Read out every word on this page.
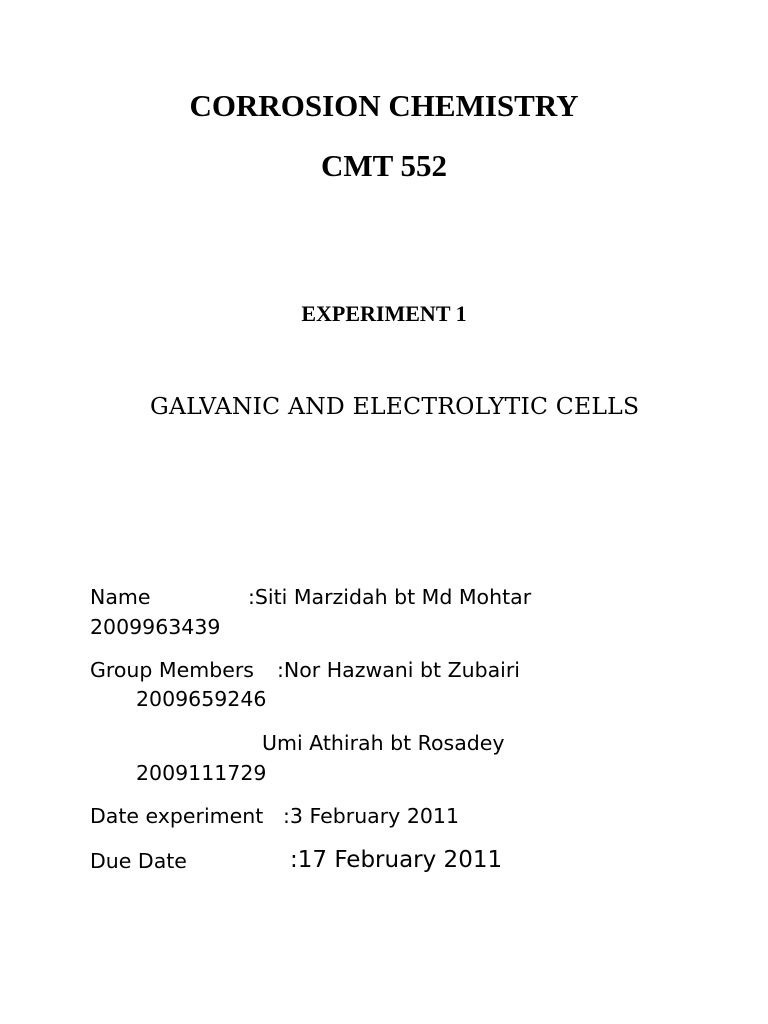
CORROSION CHEMISTRY
CMT 552
EXPERIMENT 1
GALVANIC AND ELECTROLYTIC CELLS
Name	:Siti Marzidah bt Md Mohtar
2009963439
Group Members :Nor Hazwani bt Zubairi
2009659246
Umi Athirah bt Rosadey
2009111729
Date experiment :3 February 2011
Due Date	:17 February 2011
